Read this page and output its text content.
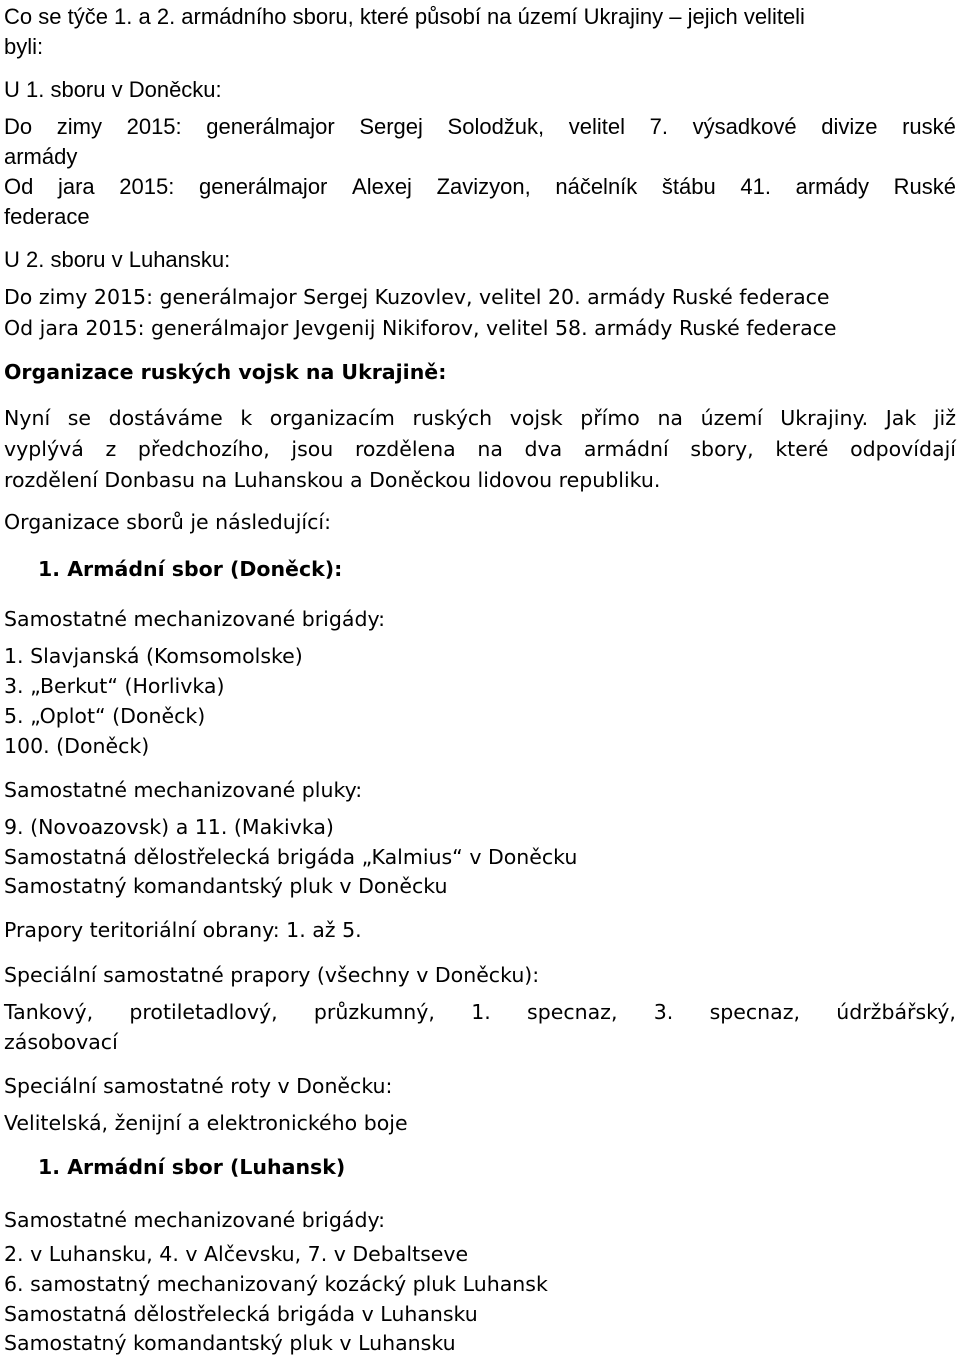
Co se týče 1. a 2. armádního sboru, které působí na území Ukrajiny – jejich veliteli
byli:
U 1. sboru v Doněcku:
Do zimy 2015: generálmajor Sergej Solodžuk, velitel 7. výsadkové divize ruské
armády
Od jara 2015: generálmajor Alexej Zavizyon, náčelník štábu 41. armády Ruské
federace
U 2. sboru v Luhansku:
Do zimy 2015: generálmajor Sergej Kuzovlev, velitel 20. armády Ruské federace
Od jara 2015: generálmajor Jevgenij Nikiforov, velitel 58. armády Ruské federace
Organizace ruských vojsk na Ukrajině:
Nyní se dostáváme k organizacím ruských vojsk přímo na území Ukrajiny. Jak již
vyplývá z předchozího, jsou rozdělena na dva armádní sbory, které odpovídají
rozdělení Donbasu na Luhanskou a Doněckou lidovou republiku.
Organizace sborů je následující:
1. Armádní sbor (Doněck):
Samostatné mechanizované brigády:
1. Slavjanská (Komsomolske)
3. „Berkut“ (Horlivka)
5. „Oplot“ (Doněck)
100. (Doněck)
Samostatné mechanizované pluky:
9. (Novoazovsk) a 11. (Makivka)
Samostatná dělostřelecká brigáda „Kalmius“ v Doněcku
Samostatný komandantský pluk v Doněcku
Prapory teritoriální obrany: 1. až 5.
Speciální samostatné prapory (všechny v Doněcku):
Tankový, protiletadlový, průzkumný, 1. specnaz, 3. specnaz, údržbářský,
zásobovací
Speciální samostatné roty v Doněcku:
Velitelská, ženijní a elektronického boje
1. Armádní sbor (Luhansk)
Samostatné mechanizované brigády:
2. v Luhansku, 4. v Alčevsku, 7. v Debaltseve
6. samostatný mechanizovaný kozácký pluk Luhansk
Samostatná dělostřelecká brigáda v Luhansku
Samostatný komandantský pluk v Luhansku
